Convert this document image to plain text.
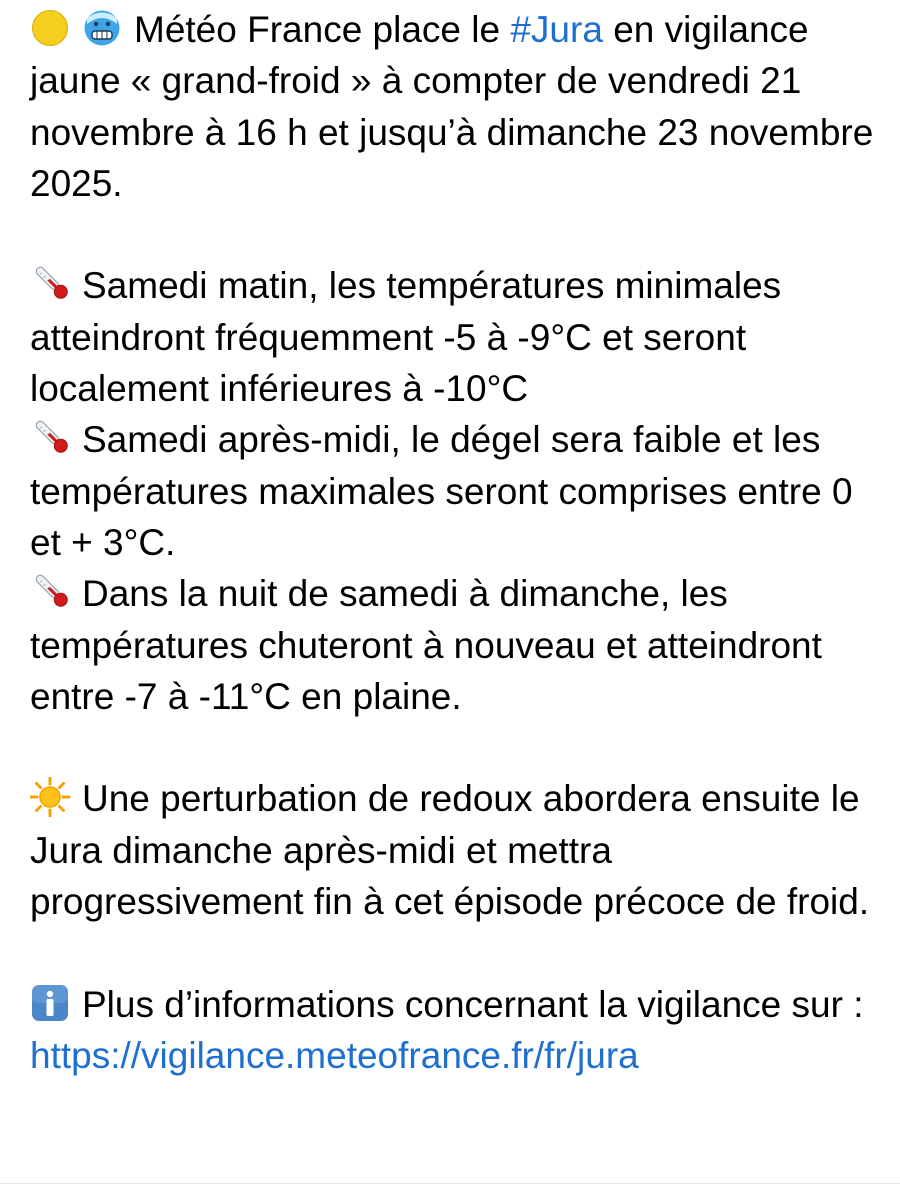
Météo France place le #Jura en vigilance jaune « grand-froid » à compter de vendredi 21 novembre à 16 h et jusqu’à dimanche 23 novembre 2025.

Samedi matin, les températures minimales atteindront fréquemment -5 à -9°C et seront localement inférieures à -10°C

Samedi après-midi, le dégel sera faible et les températures maximales seront comprises entre 0 et + 3°C.

Dans la nuit de samedi à dimanche, les températures chuteront à nouveau et atteindront entre -7 à -11°C en plaine.

Une perturbation de redoux abordera ensuite le Jura dimanche après-midi et mettra progressivement fin à cet épisode précoce de froid.

Plus d’informations concernant la vigilance sur : https://vigilance.meteofrance.fr/fr/jura
